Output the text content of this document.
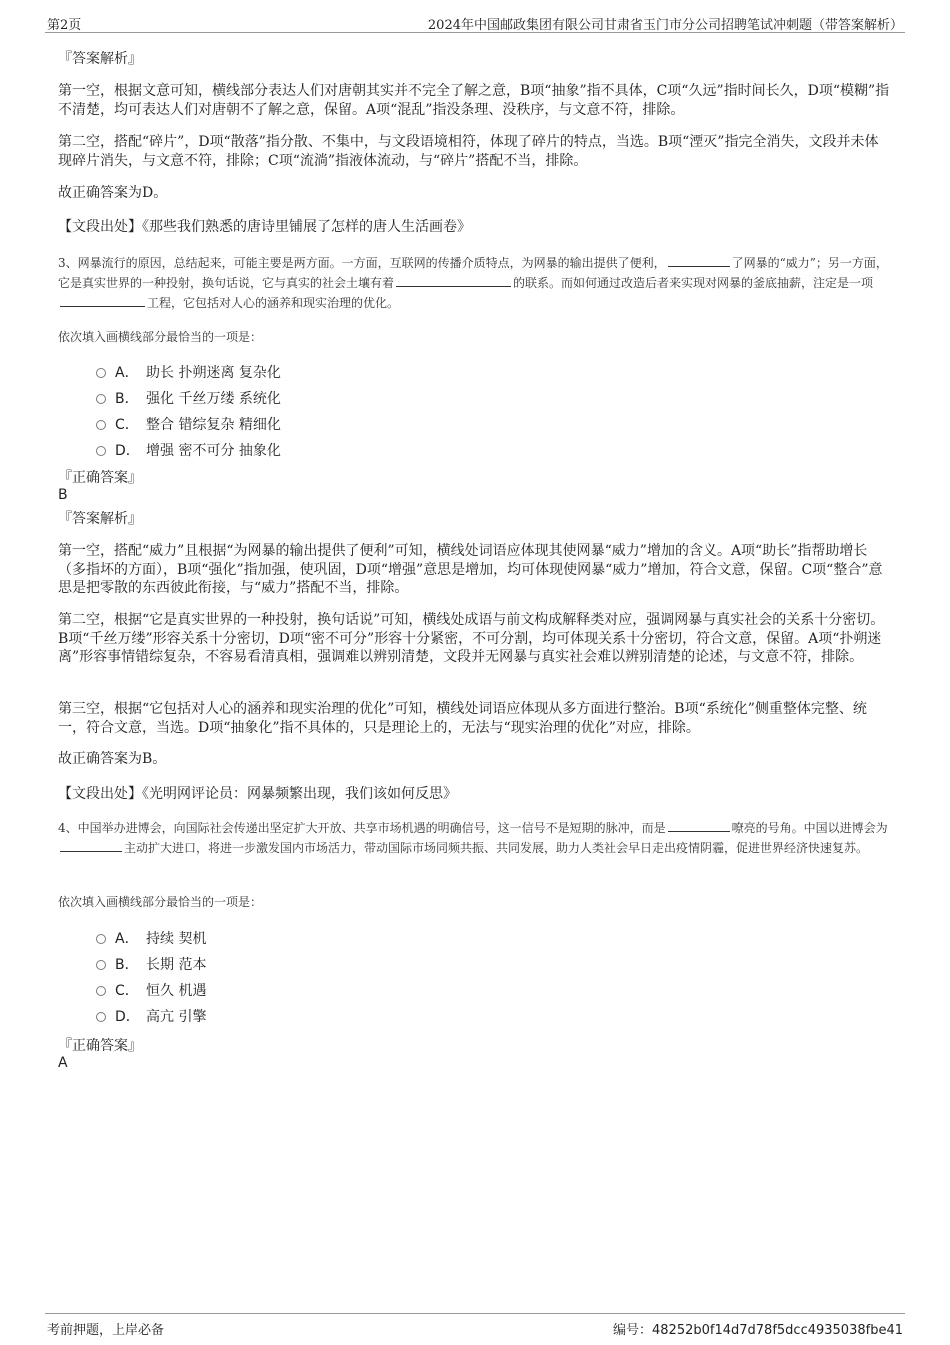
第2页	2024年中国邮政集团有限公司甘肃省玉门市分公司招聘笔试冲刺题（带答案解析）
『答案解析』
第一空，根据文意可知，横线部分表达人们对唐朝其实并不完全了解之意，B项“抽象”指不具体，C项“久远”指时间长久，D项“模糊”指不清楚，均可表达人们对唐朝不了解之意，保留。A项“混乱”指没条理、没秩序，与文意不符，排除。
第二空，搭配“碎片”，D项“散落”指分散、不集中，与文段语境相符，体现了碎片的特点，当选。B项“湮灭”指完全消失，文段并未体现碎片消失，与文意不符，排除；C项“流淌”指液体流动，与“碎片”搭配不当，排除。
故正确答案为D。
【文段出处】《那些我们熟悉的唐诗里铺展了怎样的唐人生活画卷》
3、网暴流行的原因，总结起来，可能主要是两方面。一方面，互联网的传播介质特点，为网暴的输出提供了便利，	了网暴的“威力”；另一方面，它是真实世界的一种投射，换句话说，它与真实的社会土壤有着	的联系。而如何通过改造后者来实现对网暴的釜底抽薪，注定是一项工程，它包括对人心的涵养和现实治理的优化。
依次填入画横线部分最恰当的一项是：
A． 助长 扑朔迷离 复杂化
B． 强化 千丝万缕 系统化
C． 整合 错综复杂 精细化
D． 增强 密不可分 抽象化
『正确答案』
B
『答案解析』
第一空，搭配“威力”且根据“为网暴的输出提供了便利”可知，横线处词语应体现其使网暴“威力”增加的含义。A项“助长”指帮助增长（多指坏的方面），B项“强化”指加强，使巩固，D项“增强”意思是增加，均可体现使网暴“威力”增加，符合文意，保留。C项“整合”意思是把零散的东西彼此衔接，与“威力”搭配不当，排除。
第二空，根据“它是真实世界的一种投射，换句话说”可知，横线处成语与前文构成解释类对应，强调网暴与真实社会的关系十分密切。B项“千丝万缕”形容关系十分密切，D项“密不可分”形容十分紧密，不可分割，均可体现关系十分密切，符合文意，保留。A项“扑朔迷离”形容事情错综复杂，不容易看清真相，强调难以辨别清楚，文段并无网暴与真实社会难以辨别清楚的论述，与文意不符，排除。
第三空，根据“它包括对人心的涵养和现实治理的优化”可知，横线处词语应体现从多方面进行整治。B项“系统化”侧重整体完整、统一，符合文意，当选。D项“抽象化”指不具体的，只是理论上的，无法与“现实治理的优化”对应，排除。
故正确答案为B。
【文段出处】《光明网评论员：网暴频繁出现，我们该如何反思》
4、中国举办进博会，向国际社会传递出坚定扩大开放、共享市场机遇的明确信号，这一信号不是短期的脉冲，而是	嘹亮的号角。中国以进博会为主动扩大进口，将进一步激发国内市场活力，带动国际市场同频共振、共同发展，助力人类社会早日走出疫情阴霾，促进世界经济快速复苏。
依次填入画横线部分最恰当的一项是：
A． 持续 契机
B． 长期 范本
C． 恒久 机遇
D． 高亢 引擎
『正确答案』
A
考前押题，上岸必备	编号：48252b0f14d7d78f5dcc4935038fbe41
